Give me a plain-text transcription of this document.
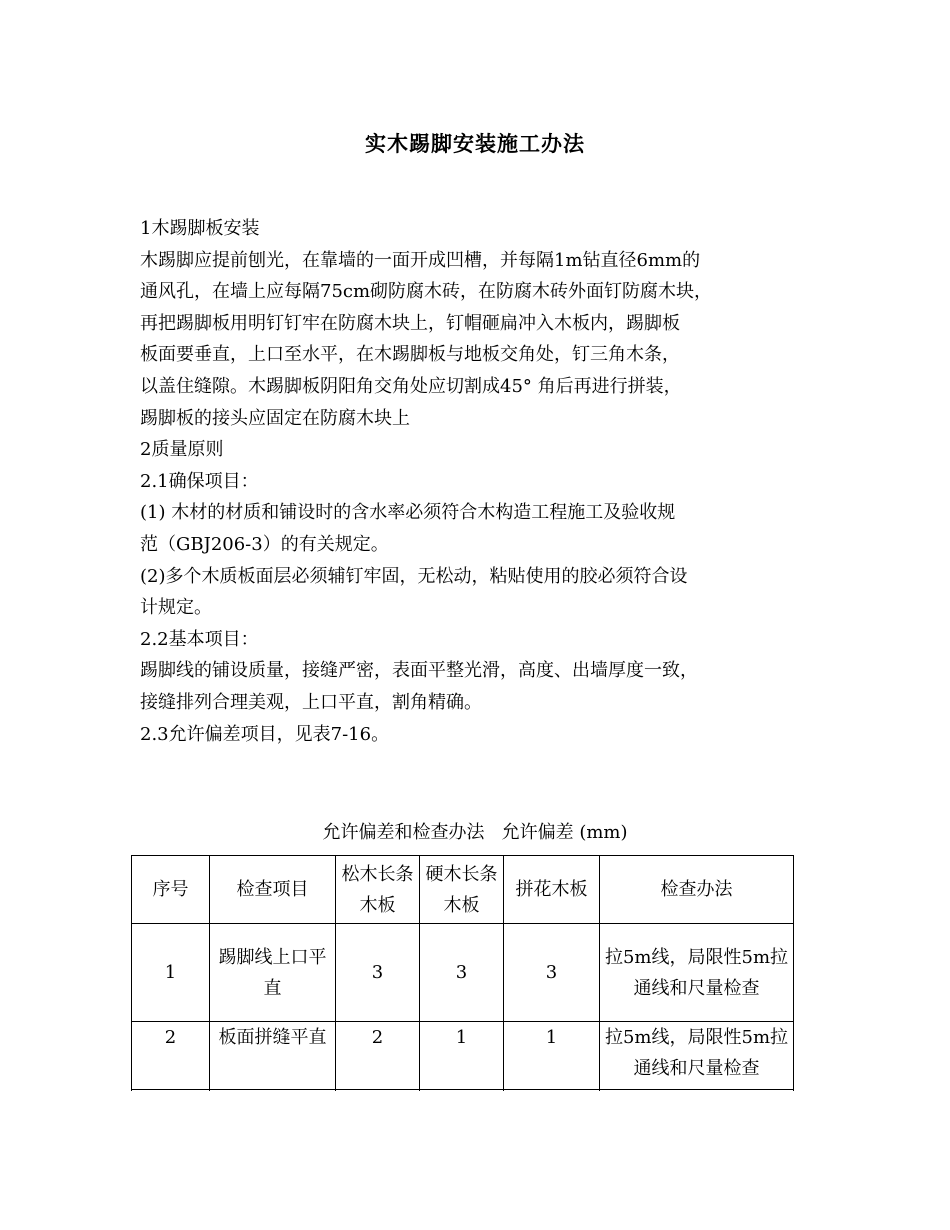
实木踢脚安装施工办法
1木踢脚板安装
木踢脚应提前刨光，在靠墙的一面开成凹槽，并每隔1m钻直径6mm的
通风孔，在墙上应每隔75cm砌防腐木砖，在防腐木砖外面钉防腐木块，
再把踢脚板用明钉钉牢在防腐木块上，钉帽砸扁冲入木板内，踢脚板
板面要垂直，上口至水平，在木踢脚板与地板交角处，钉三角木条，
以盖住缝隙。木踢脚板阴阳角交角处应切割成45° 角后再进行拼装，
踢脚板的接头应固定在防腐木块上
2质量原则
2.1确保项目：
(1) 木材的材质和铺设时的含水率必须符合木构造工程施工及验收规
范（GBJ206-3）的有关规定。
(2)多个木质板面层必须辅钉牢固，无松动，粘贴使用的胶必须符合设
计规定。
2.2基本项目：
踢脚线的铺设质量，接缝严密，表面平整光滑，高度、出墙厚度一致，
接缝排列合理美观，上口平直，割角精确。
2.3允许偏差项目，见表7-16。
允许偏差和检查办法   允许偏差 (mm)
序号	检查项目	松木长条木板	硬木长条木板	拼花木板	检查办法
1	踢脚线上口平直	3	3	3	拉5m线，局限性5m拉通线和尺量检查
2	板面拼缝平直	2	1	1	拉5m线，局限性5m拉通线和尺量检查
